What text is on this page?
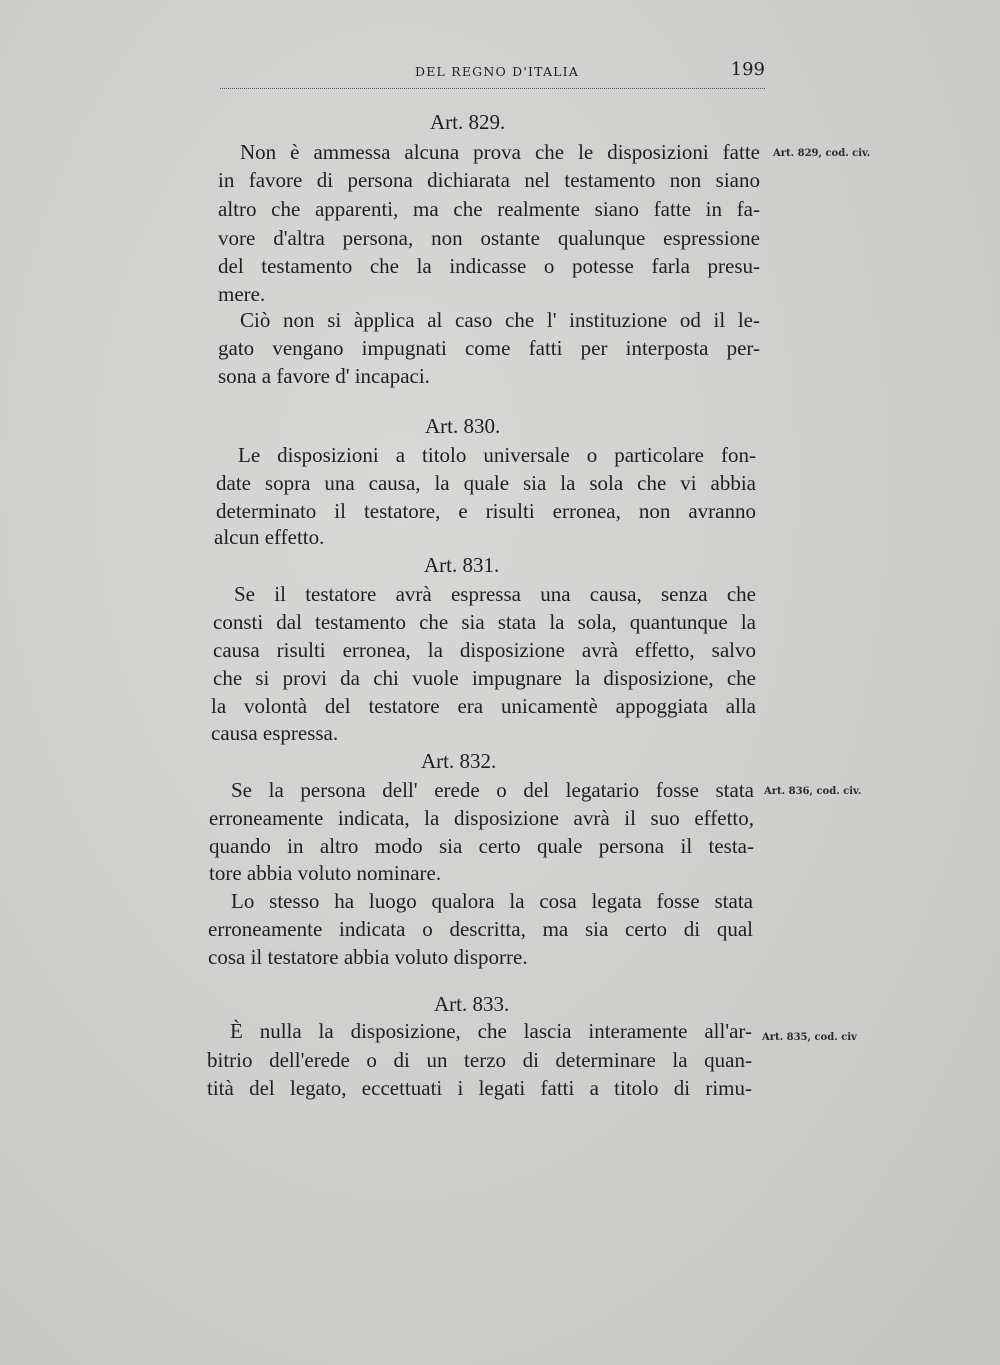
DEL REGNO D'ITALIA	199
Art. 829.
Art. 829, cod. civ.
Non è ammessa alcuna prova che le disposizioni fatte
in favore di persona dichiarata nel testamento non siano
altro che apparenti, ma che realmente siano fatte in fa-
vore d'altra persona, non ostante qualunque espressione
del testamento che la indicasse o potesse farla presu-
mere.
Ciò non si àpplica al caso che l' instituzione od il le-
gato vengano impugnati come fatti per interposta per-
sona a favore d' incapaci.
Art. 830.
Le disposizioni a titolo universale o particolare fon-
date sopra una causa, la quale sia la sola che vi abbia
determinato il testatore, e risulti erronea, non avranno
alcun effetto.
Art. 831.
Se il testatore avrà espressa una causa, senza che
consti dal testamento che sia stata la sola, quantunque la
causa risulti erronea, la disposizione avrà effetto, salvo
che si provi da chi vuole impugnare la disposizione, che
la volontà del testatore era unicamentè appoggiata alla
causa espressa.
Art. 832.
Art. 836, cod. civ.
Se la persona dell' erede o del legatario fosse stata
erroneamente indicata, la disposizione avrà il suo effetto,
quando in altro modo sia certo quale persona il testa-
tore abbia voluto nominare.
Lo stesso ha luogo qualora la cosa legata fosse stata
erroneamente indicata o descritta, ma sia certo di qual
cosa il testatore abbia voluto disporre.
Art. 833.
Art. 835, cod. civ
È nulla la disposizione, che lascia interamente all'ar-
bitrio dell'erede o di un terzo di determinare la quan-
tità del legato, eccettuati i legati fatti a titolo di rimu-
